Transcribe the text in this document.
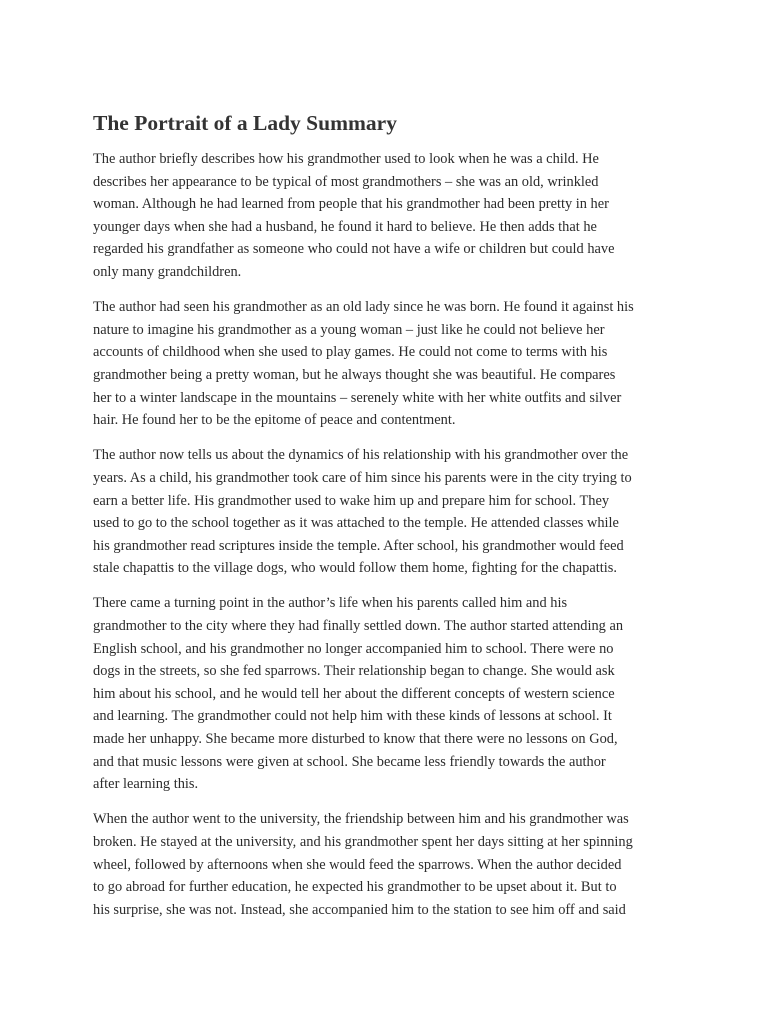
The Portrait of a Lady Summary

The author briefly describes how his grandmother used to look when he was a child. He
describes her appearance to be typical of most grandmothers – she was an old, wrinkled
woman. Although he had learned from people that his grandmother had been pretty in her
younger days when she had a husband, he found it hard to believe. He then adds that he
regarded his grandfather as someone who could not have a wife or children but could have
only many grandchildren.

The author had seen his grandmother as an old lady since he was born. He found it against his
nature to imagine his grandmother as a young woman – just like he could not believe her
accounts of childhood when she used to play games. He could not come to terms with his
grandmother being a pretty woman, but he always thought she was beautiful. He compares
her to a winter landscape in the mountains – serenely white with her white outfits and silver
hair. He found her to be the epitome of peace and contentment.

The author now tells us about the dynamics of his relationship with his grandmother over the
years. As a child, his grandmother took care of him since his parents were in the city trying to
earn a better life. His grandmother used to wake him up and prepare him for school. They
used to go to the school together as it was attached to the temple. He attended classes while
his grandmother read scriptures inside the temple. After school, his grandmother would feed
stale chapattis to the village dogs, who would follow them home, fighting for the chapattis.

There came a turning point in the author’s life when his parents called him and his
grandmother to the city where they had finally settled down. The author started attending an
English school, and his grandmother no longer accompanied him to school. There were no
dogs in the streets, so she fed sparrows. Their relationship began to change. She would ask
him about his school, and he would tell her about the different concepts of western science
and learning. The grandmother could not help him with these kinds of lessons at school. It
made her unhappy. She became more disturbed to know that there were no lessons on God,
and that music lessons were given at school. She became less friendly towards the author
after learning this.

When the author went to the university, the friendship between him and his grandmother was
broken. He stayed at the university, and his grandmother spent her days sitting at her spinning
wheel, followed by afternoons when she would feed the sparrows. When the author decided
to go abroad for further education, he expected his grandmother to be upset about it. But to
his surprise, she was not. Instead, she accompanied him to the station to see him off and said
